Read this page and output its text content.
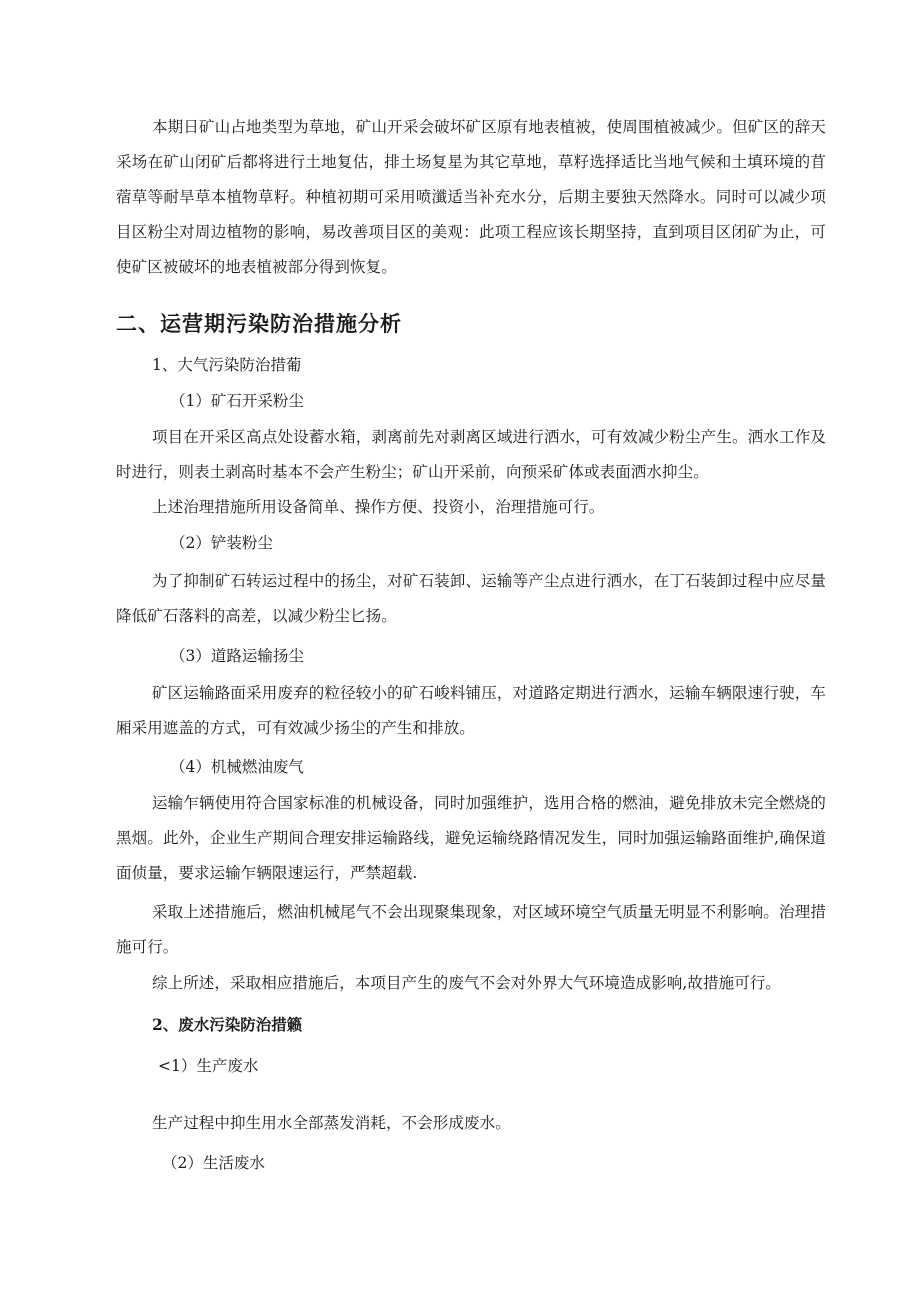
本期日矿山占地类型为草地，矿山开采会破坏矿区原有地表植被，使周围植被减少。但矿区的辞天采场在矿山闭矿后都将进行土地复估，排土场复星为其它草地，草籽选择适比当地气候和土填环境的苜蓿草等耐旱草本植物草籽。种植初期可采用喷瀸适当补充水分，后期主要独天然降水。同时可以减少项目区粉尘对周边植物的影响，易改善项目区的美观：此项工程应该长期坚持，直到项目区闭矿为止，可使矿区被破坏的地表植被部分得到恢复。
二、运营期污染防治措施分析
1、大气污染防治措葡
（1）矿石开采粉尘
项目在开采区高点处设蓄水箱，剥离前先对剥离区域进行洒水，可有效减少粉尘产生。洒水工作及时进行，则表土剥高时基本不会产生粉尘；矿山开采前，向预采矿体或表面洒水抑尘。
上述治理措施所用设备简单、操作方便、投资小，治理措施可行。
（2）铲装粉尘
为了抑制矿石转运过程中的扬尘，对矿石装卸、运输等产尘点进行洒水，在丁石装卸过程中应尽量降低矿石落料的高差，以减少粉尘匕扬。
（3）道路运输扬尘
矿区运输路面采用废弃的粒径较小的矿石峻料铺压，对道路定期进行洒水，运输车辆限速行驶，车厢采用遮盖的方式，可有效减少扬尘的产生和排放。
（4）机械燃油废气
运输乍辆使用符合国家标准的机械设备，同时加强维护，选用合格的燃油，避免排放未完全燃烧的黑烟。此外，企业生产期间合理安排运输路线，避免运输绕路情况发生，同时加强运输路面维护,确保道面侦量，要求运输乍辆限速运行，严禁超载.
采取上述措施后，燃油机械尾气不会出现聚集现象，对区域环境空气质量无明显不利影响。治理措施可行。
综上所述，采取相应措施后，本项目产生的废气不会对外界大气环境造成影响,故措施可行。
2、废水污染防治措籁
<1）生产废水
生产过程中抑生用水全部蒸发消耗，不会形成废水。
（2）生活废水
